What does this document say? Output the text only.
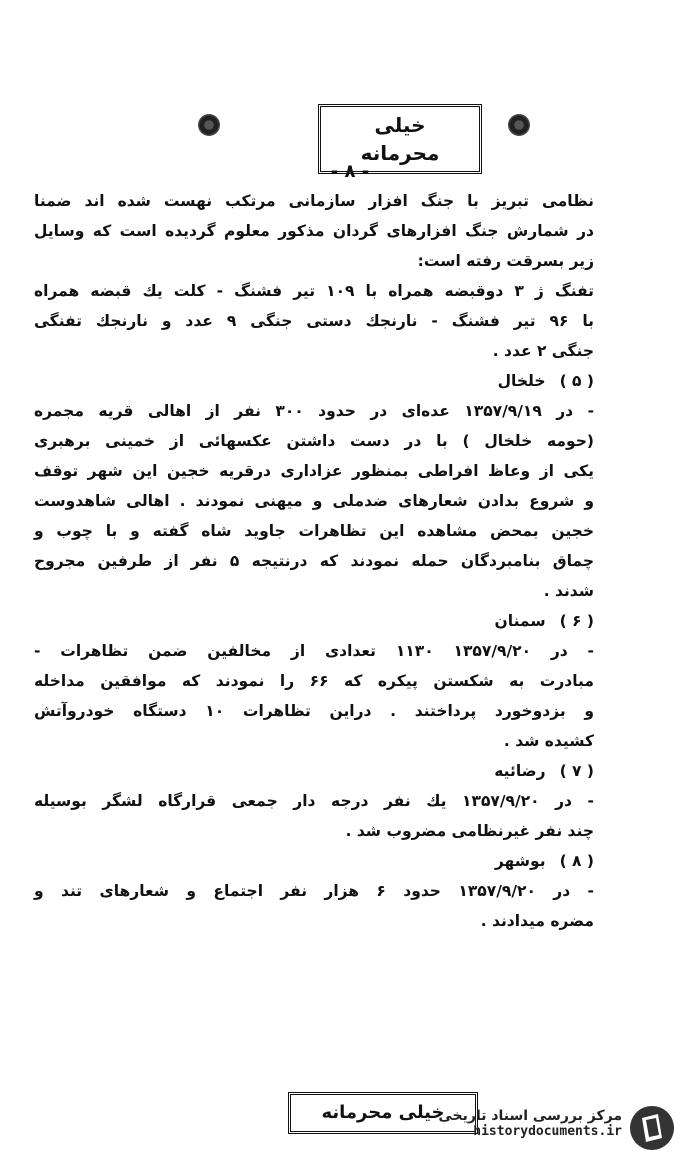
خیلی محرمانه
- ۸ -

نظامی تبریز با جنگ افزار سازمانی مرتکب نهست شده اند ضمنا

در شمارش جنگ افزارهای گردان مذکور معلوم گردیده است که وسایل

زیر بسرقت رفته است:

تفنگ ژ ۳ دوقبضه همراه با ۱۰۹ تیر فشنگ - کلت یك قبضه همراه

با ۹۶ تیر فشنگ - نارنجك دستی جنگی ۹ عدد و نارنجك تفنگی

جنگی ۲ عدد .

( ۵ )خلخال

- در ۱۳۵۷/۹/۱۹ عده‌ای در حدود ۳۰۰ نفر از اهالی قریه مجمره

(حومه خلخال ) با در دست داشتن عکسهائی از خمینی برهبری

یکی از وعاظ افراطی بمنظور عزاداری درقریه خجین این شهر توقف

و شروع بدادن شعارهای ضدملی و میهنی نمودند . اهالی شاهدوست

خجین بمحض مشاهده این تظاهرات جاوید شاه گفته و با چوب و

چماق بنامبردگان حمله نمودند که درنتیجه ۵ نفر از طرفین مجروح

شدند .

( ۶ )سمنان

- در ۱۳۵۷/۹/۲۰ ۱۱۳۰ تعدادی از مخالفین ضمن تظاهرات -

مبادرت به شکستن پیکره که ۶۶ را نمودند که موافقین مداخله

و بزدوخورد پرداختند . دراین تظاهرات ۱۰ دستگاه خودروآتش

کشیده شد .

( ۷ )رضائیه

- در ۱۳۵۷/۹/۲۰ یك نفر درجه دار جمعی قرارگاه لشگر بوسیله

چند نفر غیرنظامی مضروب شد .

( ۸ )بوشهر

- در ۱۳۵۷/۹/۲۰ حدود ۶ هزار نفر اجتماع و شعارهای تند و

مضره میدادند .

خیلی محرمانه
مرکز بررسی اسناد تاریخی
historydocuments.ir
